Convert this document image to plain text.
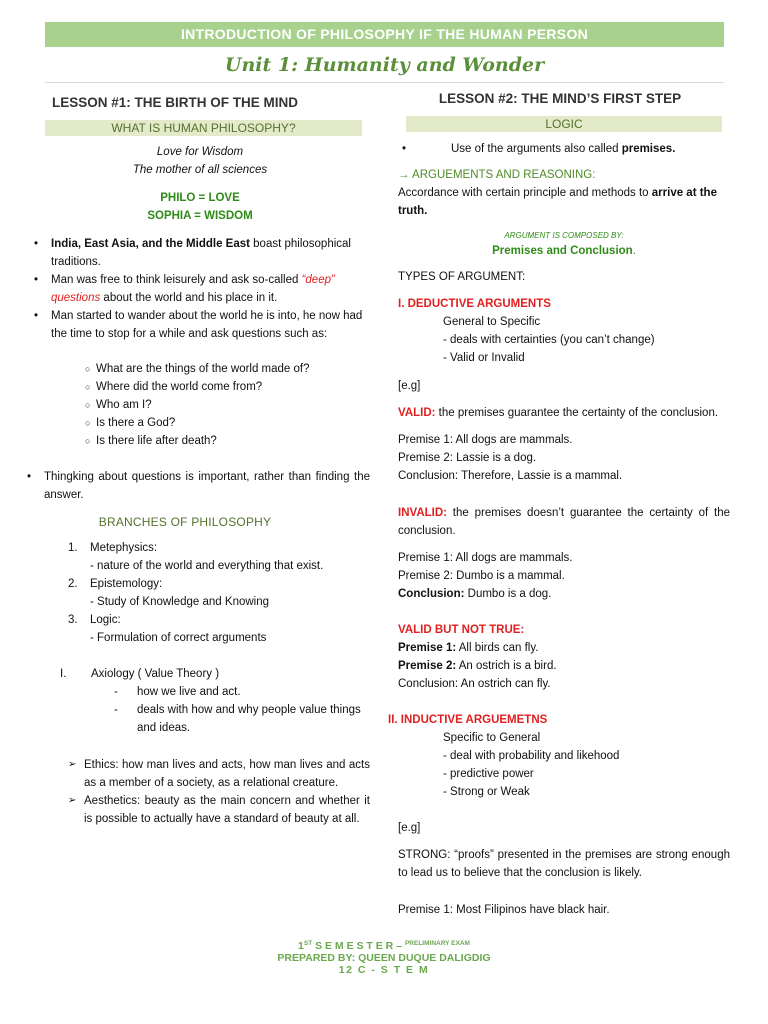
INTRODUCTION OF PHILOSOPHY IF THE HUMAN PERSON
Unit 1: Humanity and Wonder
LESSON #1: THE BIRTH OF THE MIND
WHAT IS HUMAN PHILOSOPHY?
Love for Wisdom
The mother of all sciences
PHILO = LOVE
SOPHIA = WISDOM
• India, East Asia, and the Middle East boast philosophical traditions.
• Man was free to think leisurely and ask so-called “deep” questions about the world and his place in it.
• Man started to wander about the world he is into, he now had the time to stop for a while and ask questions such as:
○ What are the things of the world made of?
○ Where did the world come from?
○ Who am I?
○ Is there a God?
○ Is there life after death?
• Thingking about questions is important, rather than finding the answer.
BRANCHES OF PHILOSOPHY
1. Metephysics:
- nature of the world and everything that exist.
2. Epistemology:
- Study of Knowledge and Knowing
3. Logic:
- Formulation of correct arguments
I. Axiology ( Value Theory )
- how we live and act.
- deals with how and why people value things and ideas.
➢ Ethics: how man lives and acts, how man lives and acts as a member of a society, as a relational creature.
➢ Aesthetics: beauty as the main concern and whether it is possible to actually have a standard of beauty at all.
LESSON #2: THE MIND’S FIRST STEP
LOGIC
• Use of the arguments also called premises.
→ ARGUEMENTS AND REASONING:
Accordance with certain principle and methods to arrive at the truth.
ARGUMENT IS COMPOSED BY:
Premises and Conclusion.
TYPES OF ARGUMENT:
I. DEDUCTIVE ARGUMENTS
General to Specific
- deals with certainties (you can’t change)
- Valid or Invalid
[e.g]
VALID: the premises guarantee the certainty of the conclusion.
Premise 1: All dogs are mammals.
Premise 2: Lassie is a dog.
Conclusion: Therefore, Lassie is a mammal.
INVALID: the premises doesn’t guarantee the certainty of the conclusion.
Premise 1: All dogs are mammals.
Premise 2: Dumbo is a mammal.
Conclusion: Dumbo is a dog.
VALID BUT NOT TRUE:
Premise 1: All birds can fly.
Premise 2: An ostrich is a bird.
Conclusion: An ostrich can fly.
II. INDUCTIVE ARGUEMETNS
Specific to General
- deal with probability and likehood
- predictive power
- Strong or Weak
[e.g]
STRONG: “proofs” presented in the premises are strong enough to lead us to believe that the conclusion is likely.
Premise 1: Most Filipinos have black hair.
1ST S E M E S T E R – $^{PRELIMINARY EXAM}$
PREPARED BY: QUEEN DUQUE DALIGDIG
12 C - S T E M
